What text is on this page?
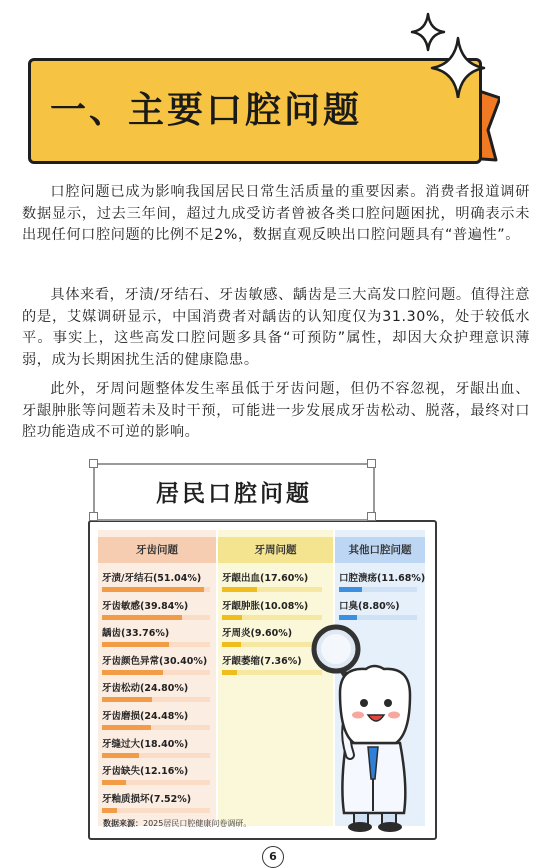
一、主要口腔问题
口腔问题已成为影响我国居民日常生活质量的重要因素。消费者报道调研数据显示，过去三年间，超过九成受访者曾被各类口腔问题困扰，明确表示未出现任何口腔问题的比例不足2%，数据直观反映出口腔问题具有“普遍性”。
具体来看，牙渍/牙结石、牙齿敏感、龋齿是三大高发口腔问题。值得注意的是，艾媒调研显示，中国消费者对龋齿的认知度仅为31.30%，处于较低水平。事实上，这些高发口腔问题多具备“可预防”属性，却因大众护理意识薄弱，成为长期困扰生活的健康隐患。
此外，牙周问题整体发生率虽低于牙齿问题，但仍不容忽视，牙龈出血、牙龈肿胀等问题若未及时干预，可能进一步发展成牙齿松动、脱落，最终对口腔功能造成不可逆的影响。
居民口腔问题
牙齿问题	牙周问题	其他口腔问题
牙渍/牙结石(51.04%)
牙齿敏感(39.84%)
龋齿(33.76%)
牙齿颜色异常(30.40%)
牙齿松动(24.80%)
牙齿磨损(24.48%)
牙缝过大(18.40%)
牙齿缺失(12.16%)
牙釉质损坏(7.52%)
牙龈出血(17.60%)
牙龈肿胀(10.08%)
牙周炎(9.60%)
牙龈萎缩(7.36%)
口腔溃疡(11.68%)
口臭(8.80%)
数据来源：2025居民口腔健康问卷调研。
6
